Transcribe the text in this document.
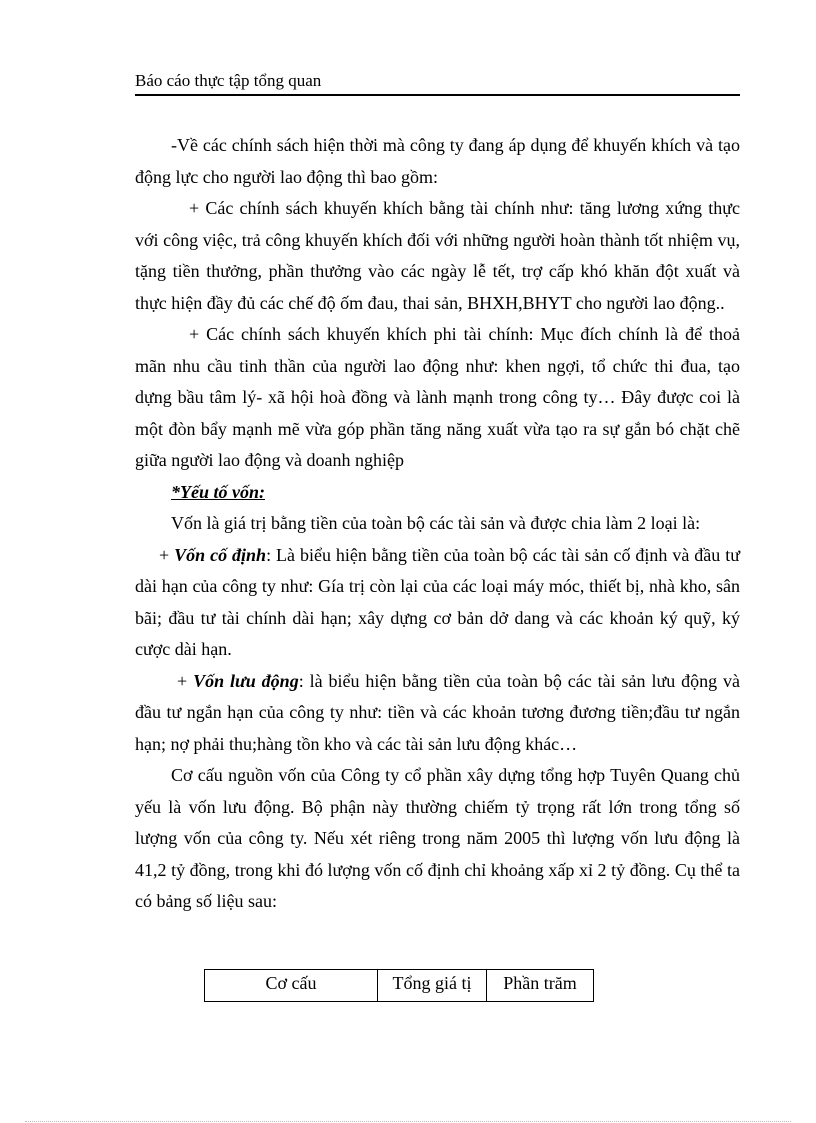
Báo cáo thực tập tổng quan

-Về các chính sách hiện thời mà công ty đang áp dụng để khuyến khích và tạo động lực cho người lao động thì bao gồm:

+ Các chính sách khuyến khích bằng tài chính như: tăng lương xứng thực với công việc, trả công khuyến khích đối với những người hoàn thành tốt nhiệm vụ, tặng tiền thưởng, phần thưởng vào các ngày lễ tết, trợ cấp khó khăn đột xuất và thực hiện đầy đủ các chế độ ốm đau, thai sản, BHXH,BHYT cho người lao động..

+ Các chính sách khuyến khích phi tài chính: Mục đích chính là để thoả mãn nhu cầu tinh thần của người lao động như: khen ngợi, tổ chức thi đua, tạo dựng bầu tâm lý- xã hội hoà đồng và lành mạnh trong công ty… Đây được coi là một đòn bẩy mạnh mẽ vừa góp phần tăng năng xuất vừa tạo ra sự gắn bó chặt chẽ giữa người lao động và doanh nghiệp

*Yếu tố vốn:

Vốn là giá trị bằng tiền của toàn bộ các tài sản và được chia làm 2 loại là:

+ Vốn cố định: Là biểu hiện bằng tiền của toàn bộ các tài sản cố định và đầu tư dài hạn của công ty như: Gía trị còn lại của các loại máy móc, thiết bị, nhà kho, sân bãi; đầu tư tài chính dài hạn; xây dựng cơ bản dở dang và các khoản ký quỹ, ký cược dài hạn.

+ Vốn lưu động: là biểu hiện bằng tiền của toàn bộ các tài sản lưu động và đầu tư ngắn hạn của công ty như: tiền và các khoản tương đương tiền;đầu tư ngắn hạn; nợ phải thu;hàng tồn kho và các tài sản lưu động khác…

Cơ cấu nguồn vốn của Công ty cổ phần xây dựng tổng hợp Tuyên Quang chủ yếu là vốn lưu động. Bộ phận này thường chiếm tỷ trọng rất lớn trong tổng số lượng vốn của công ty. Nếu xét riêng trong năm 2005 thì lượng vốn lưu động là 41,2 tỷ đồng, trong khi đó lượng vốn cố định chỉ khoảng xấp xỉ 2 tỷ đồng. Cụ thể ta có bảng số liệu sau:

Cơ cấu	Tổng giá tị	Phần trăm
